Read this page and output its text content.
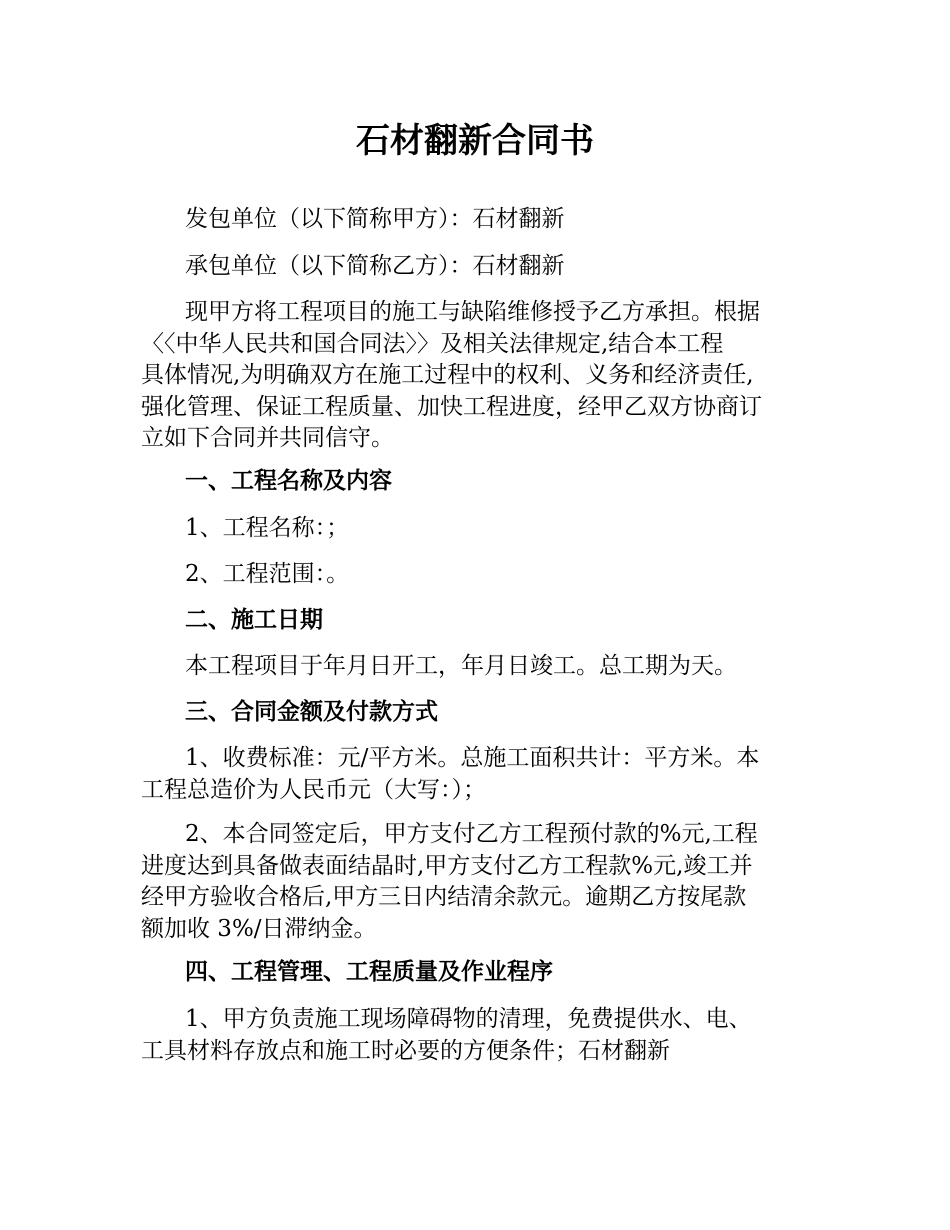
石材翻新合同书

发包单位（以下简称甲方）：石材翻新

承包单位（以下简称乙方）：石材翻新

现甲方将工程项目的施工与缺陷维修授予乙方承担。根据
〈〈中华人民共和国合同法〉〉及相关法律规定,结合本工程
具体情况,为明确双方在施工过程中的权利、义务和经济责任,
强化管理、保证工程质量、加快工程进度，经甲乙双方协商订
立如下合同并共同信守。

一、工程名称及内容

1、工程名称：；

2、工程范围：。

二、施工日期

本工程项目于年月日开工，年月日竣工。总工期为天。

三、合同金额及付款方式

1、收费标准：元/平方米。总施工面积共计：平方米。本
工程总造价为人民币元（大写：）；

2、本合同签定后，甲方支付乙方工程预付款的%元,工程
进度达到具备做表面结晶时,甲方支付乙方工程款%元,竣工并
经甲方验收合格后,甲方三日内结清余款元。逾期乙方按尾款
额加收 3%/日滞纳金。

四、工程管理、工程质量及作业程序

1、甲方负责施工现场障碍物的清理，免费提供水、电、
工具材料存放点和施工时必要的方便条件；石材翻新
